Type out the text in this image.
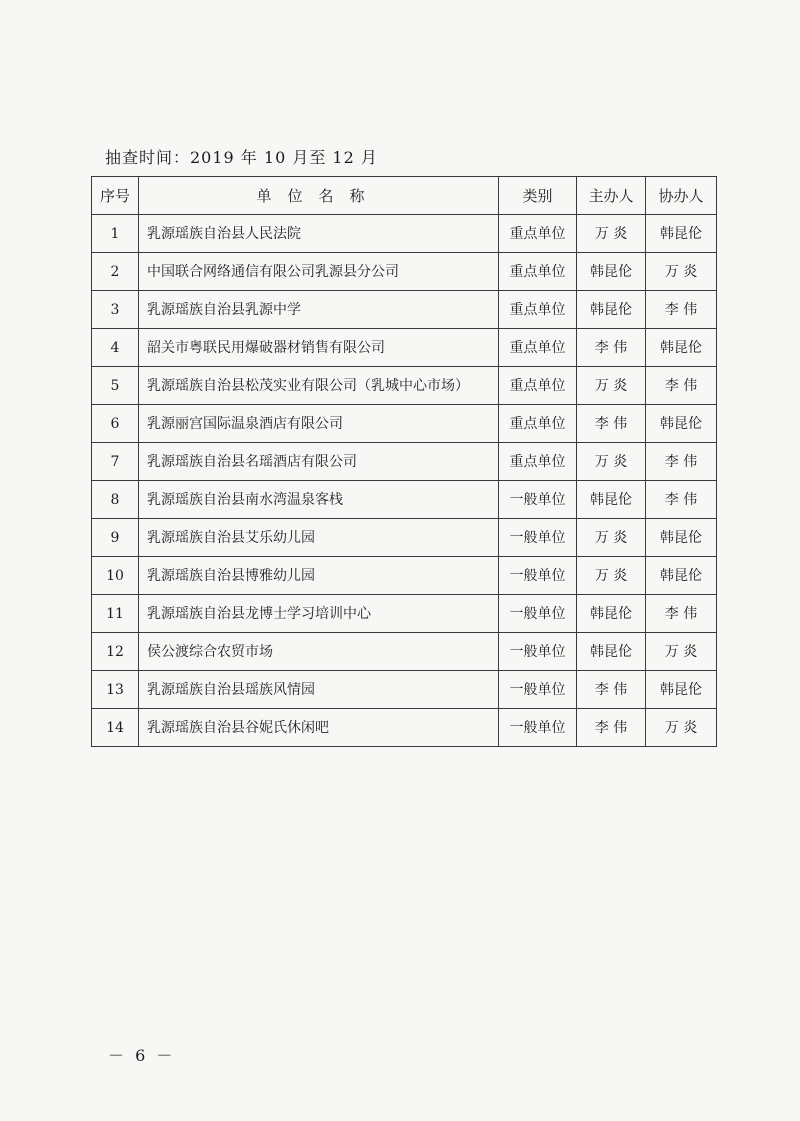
抽查时间：2019 年 10 月至 12 月
序号	单位名称	类别	主办人	协办人
1	乳源瑶族自治县人民法院	重点单位	万 炎	韩昆伦
2	中国联合网络通信有限公司乳源县分公司	重点单位	韩昆伦	万 炎
3	乳源瑶族自治县乳源中学	重点单位	韩昆伦	李 伟
4	韶关市粤联民用爆破器材销售有限公司	重点单位	李 伟	韩昆伦
5	乳源瑶族自治县松茂实业有限公司（乳城中心市场）	重点单位	万 炎	李 伟
6	乳源丽宫国际温泉酒店有限公司	重点单位	李 伟	韩昆伦
7	乳源瑶族自治县名瑶酒店有限公司	重点单位	万 炎	李 伟
8	乳源瑶族自治县南水湾温泉客栈	一般单位	韩昆伦	李 伟
9	乳源瑶族自治县艾乐幼儿园	一般单位	万 炎	韩昆伦
10	乳源瑶族自治县博雅幼儿园	一般单位	万 炎	韩昆伦
11	乳源瑶族自治县龙博士学习培训中心	一般单位	韩昆伦	李 伟
12	侯公渡综合农贸市场	一般单位	韩昆伦	万 炎
13	乳源瑶族自治县瑶族风情园	一般单位	李 伟	韩昆伦
14	乳源瑶族自治县谷妮氏休闲吧	一般单位	李 伟	万 炎
－ 6 －
